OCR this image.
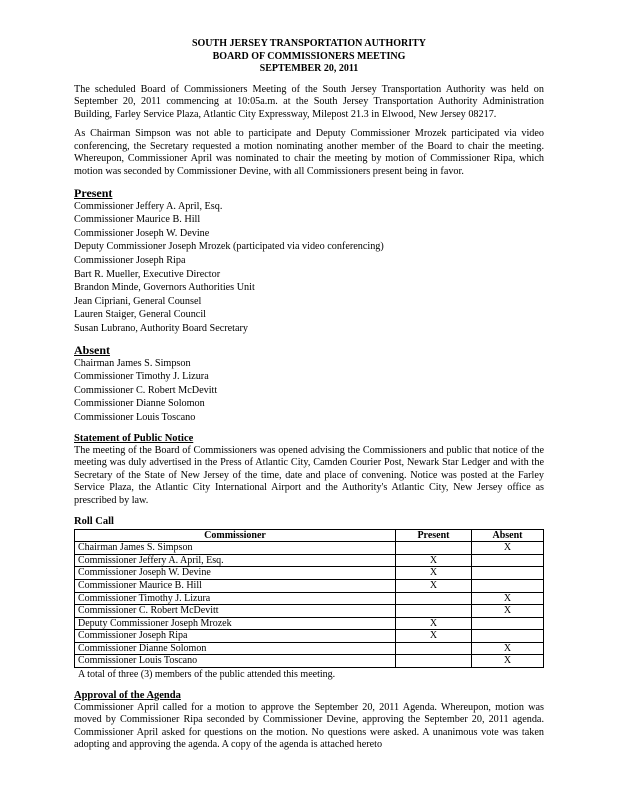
SOUTH JERSEY TRANSPORTATION AUTHORITY
BOARD OF COMMISSIONERS MEETING
SEPTEMBER 20, 2011

The scheduled Board of Commissioners Meeting of the South Jersey Transportation Authority was held on September 20, 2011 commencing at 10:05a.m. at the South Jersey Transportation Authority Administration Building, Farley Service Plaza, Atlantic City Expressway, Milepost 21.3 in Elwood, New Jersey 08217.

As Chairman Simpson was not able to participate and Deputy Commissioner Mrozek participated via video conferencing, the Secretary requested a motion nominating another member of the Board to chair the meeting. Whereupon, Commissioner April was nominated to chair the meeting by motion of Commissioner Ripa, which motion was seconded by Commissioner Devine, with all Commissioners present being in favor.

Present
Commissioner Jeffery A. April, Esq.
Commissioner Maurice B. Hill
Commissioner Joseph W. Devine
Deputy Commissioner Joseph Mrozek (participated via video conferencing)
Commissioner Joseph Ripa
Bart R. Mueller, Executive Director
Brandon Minde, Governors Authorities Unit
Jean Cipriani, General Counsel
Lauren Staiger, General Council
Susan Lubrano, Authority Board Secretary
Absent
Chairman James S. Simpson
Commissioner Timothy J. Lizura
Commissioner C. Robert McDevitt
Commissioner Dianne Solomon
Commissioner Louis Toscano
Statement of Public Notice

The meeting of the Board of Commissioners was opened advising the Commissioners and public that notice of the meeting was duly advertised in the Press of Atlantic City, Camden Courier Post, Newark Star Ledger and with the Secretary of the State of New Jersey of the time, date and place of convening. Notice was posted at the Farley Service Plaza, the Atlantic City International Airport and the Authority's Atlantic City, New Jersey office as prescribed by law.

Roll Call
Commissioner	Present	Absent
Chairman James S. Simpson		X
Commissioner Jeffery A. April, Esq.	X	
Commissioner Joseph W. Devine	X	
Commissioner Maurice B. Hill	X	
Commissioner Timothy J. Lizura		X
Commissioner C. Robert McDevitt		X
Deputy Commissioner Joseph Mrozek	X	
Commissioner Joseph Ripa	X	
Commissioner Dianne Solomon		X
Commissioner Louis Toscano		X
A total of three (3) members of the public attended this meeting.
Approval of the Agenda

Commissioner April called for a motion to approve the September 20, 2011 Agenda. Whereupon, motion was moved by Commissioner Ripa seconded by Commissioner Devine, approving the September 20, 2011 agenda. Commissioner April asked for questions on the motion. No questions were asked. A unanimous vote was taken adopting and approving the agenda. A copy of the agenda is attached hereto
